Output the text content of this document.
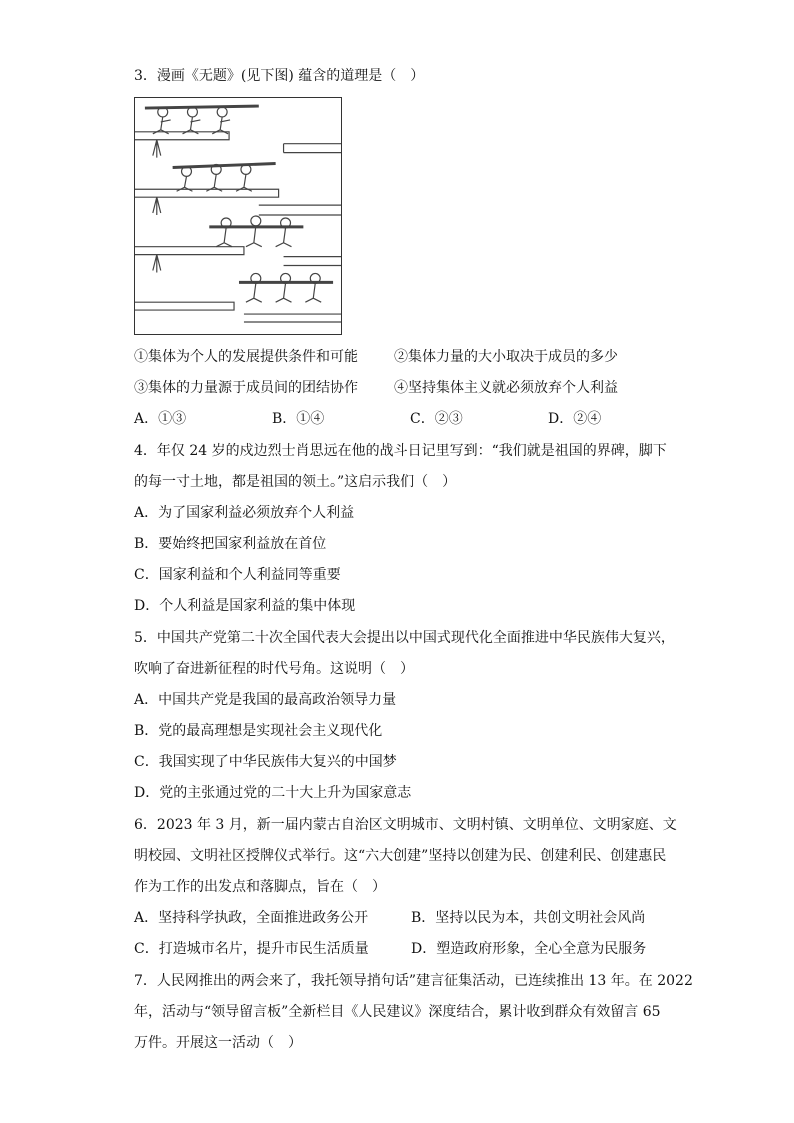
3．漫画《无题》(见下图) 蕴含的道理是（　）
①集体为个人的发展提供条件和可能	②集体力量的大小取决于成员的多少
③集体的力量源于成员间的团结协作	④坚持集体主义就必须放弃个人利益
A．①③	B．①④	C．②③	D．②④
4．年仅 24 岁的戍边烈士肖思远在他的战斗日记里写到：“我们就是祖国的界碑，脚下
的每一寸土地，都是祖国的领土。”这启示我们（　）
A．为了国家利益必须放弃个人利益
B．要始终把国家利益放在首位
C．国家利益和个人利益同等重要
D．个人利益是国家利益的集中体现
5．中国共产党第二十次全国代表大会提出以中国式现代化全面推进中华民族伟大复兴，
吹响了奋进新征程的时代号角。这说明（　）
A．中国共产党是我国的最高政治领导力量
B．党的最高理想是实现社会主义现代化
C．我国实现了中华民族伟大复兴的中国梦
D．党的主张通过党的二十大上升为国家意志
6．2023 年 3 月，新一届内蒙古自治区文明城市、文明村镇、文明单位、文明家庭、文
明校园、文明社区授牌仪式举行。这“六大创建”坚持以创建为民、创建利民、创建惠民
作为工作的出发点和落脚点，旨在（　）
A．坚持科学执政，全面推进政务公开	B．坚持以民为本，共创文明社会风尚
C．打造城市名片，提升市民生活质量	D．塑造政府形象，全心全意为民服务
7．人民网推出的两会来了，我托领导捎句话”建言征集活动，已连续推出 13 年。在 2022
年，活动与“领导留言板”全新栏目《人民建议》深度结合，累计收到群众有效留言 65
万件。开展这一活动（　）
